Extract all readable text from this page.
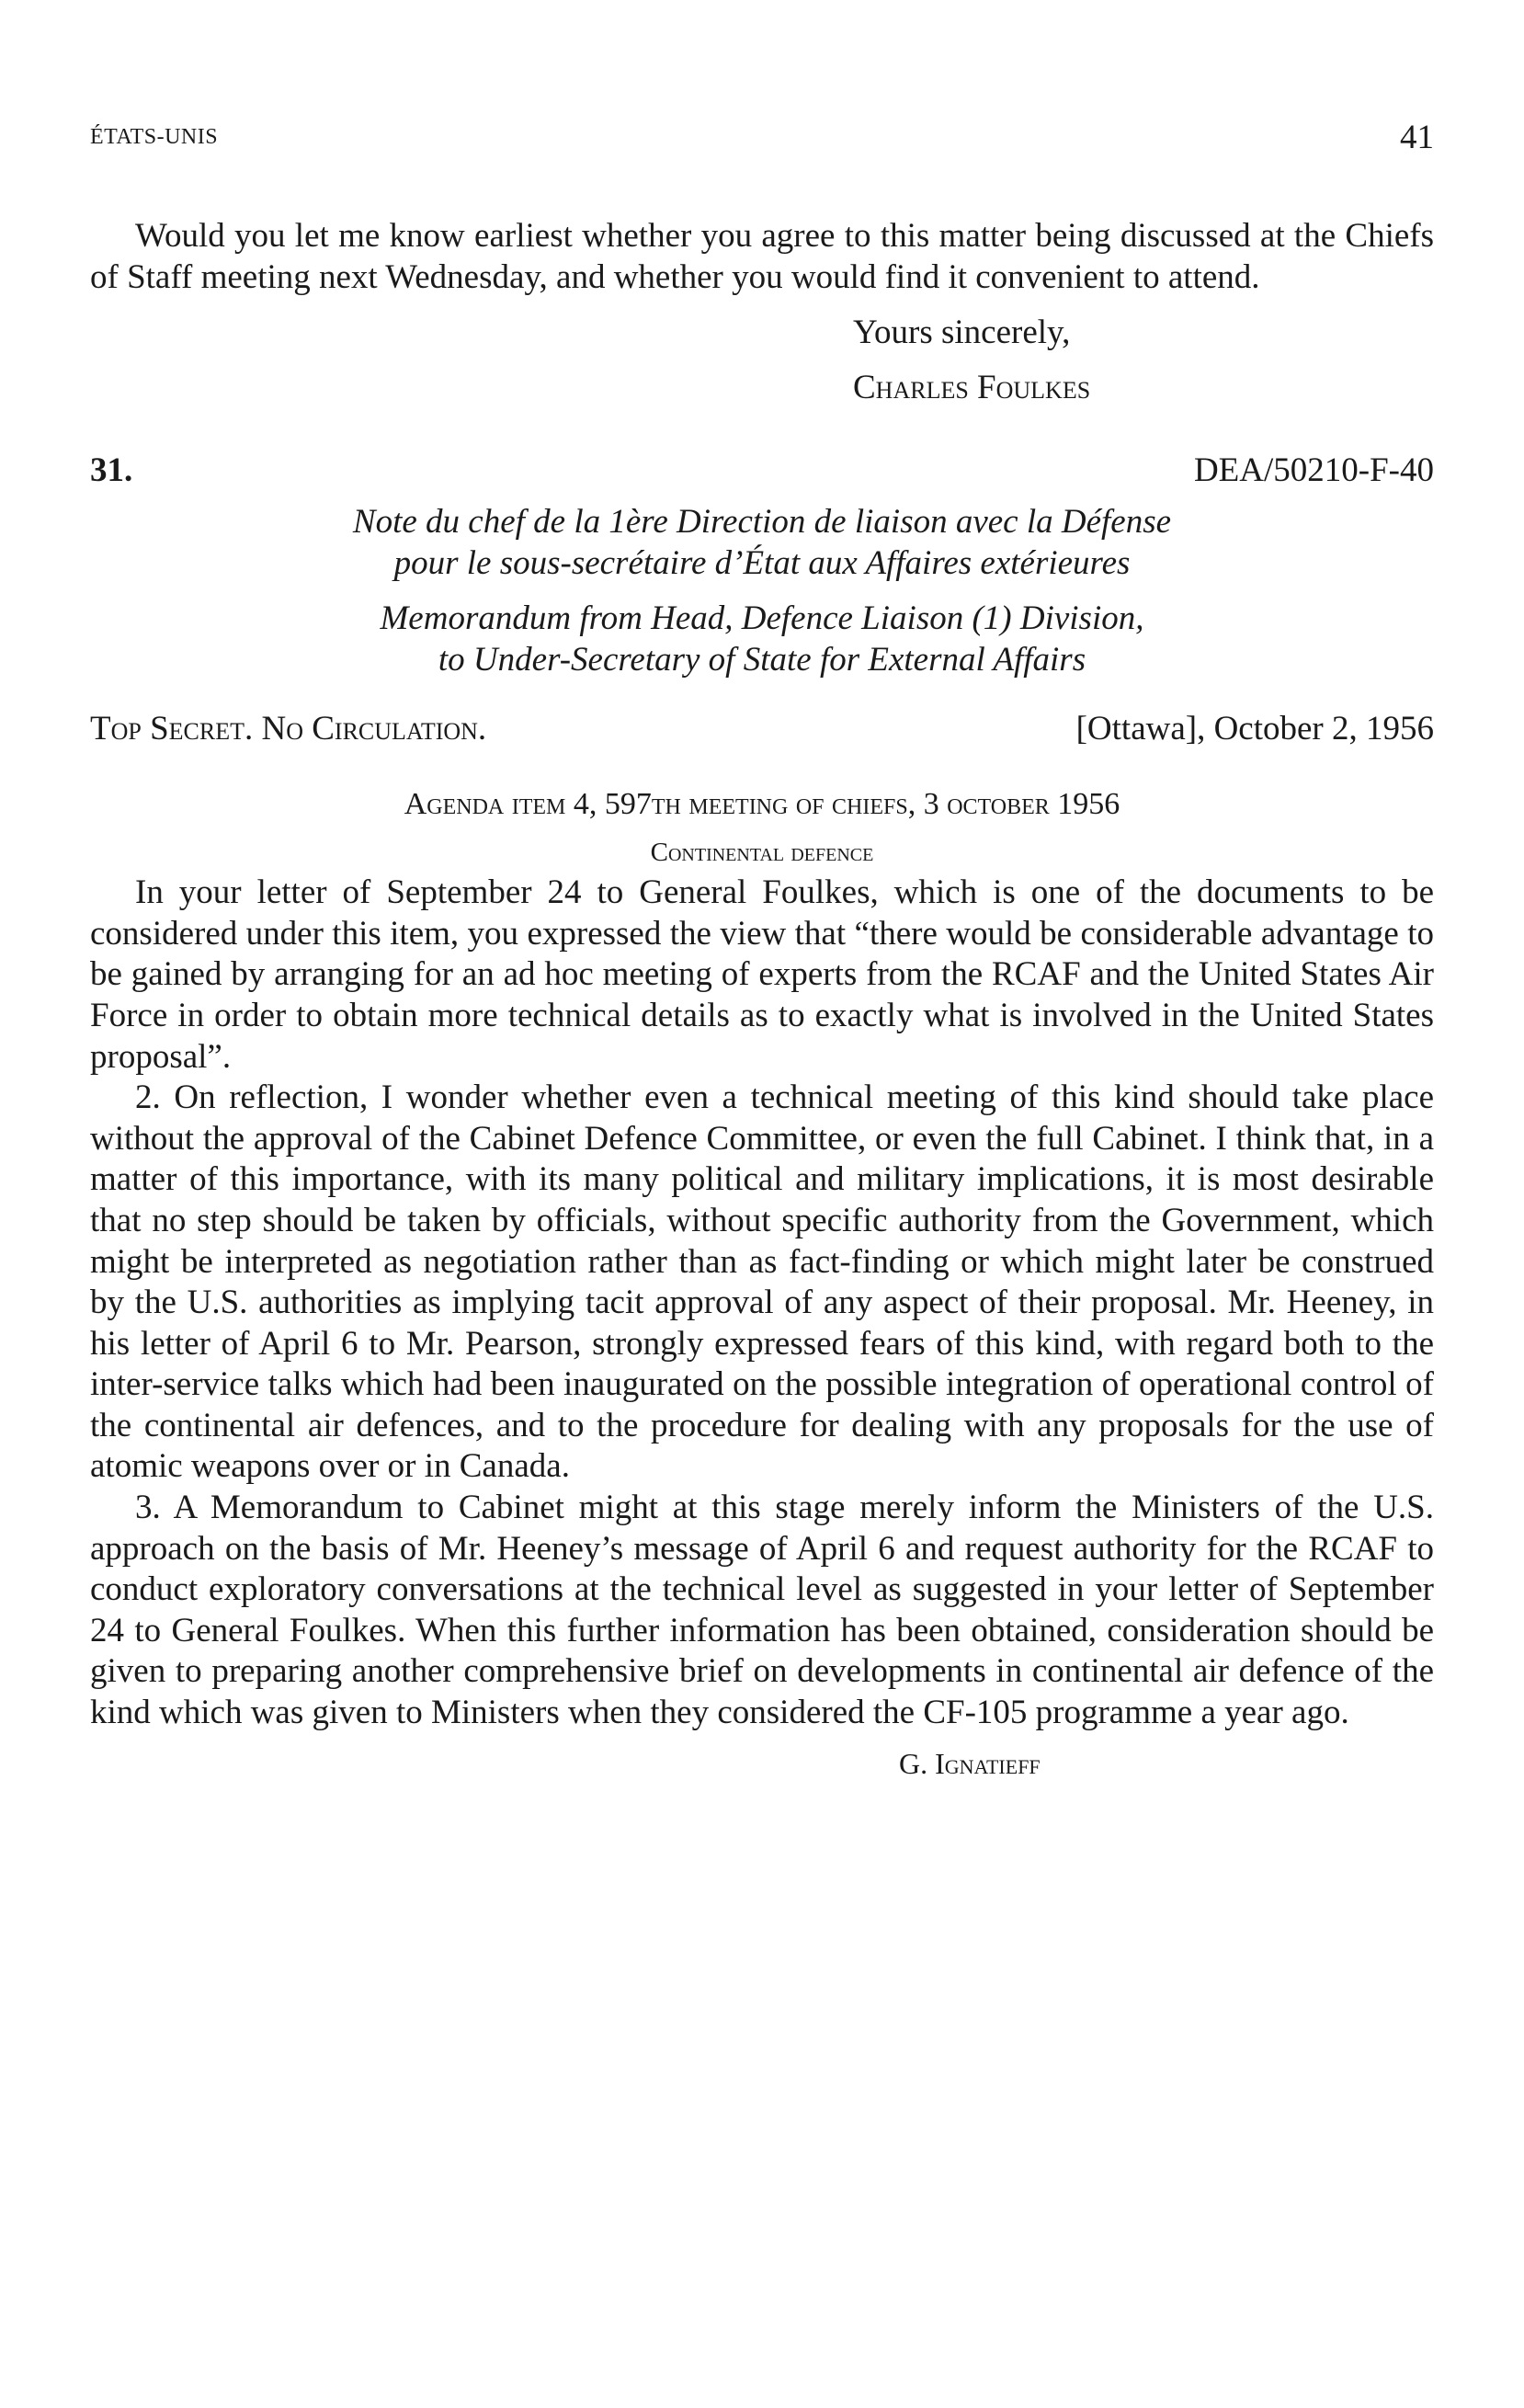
ÉTATS-UNIS	41

Would you let me know earliest whether you agree to this matter being discussed at the Chiefs of Staff meeting next Wednesday, and whether you would find it convenient to attend.

Yours sincerely,
Charles Foulkes
31.	DEA/50210-F-40

Note du chef de la 1ère Direction de liaison avec la Défense

pour le sous-secrétaire d’État aux Affaires extérieures

Memorandum from Head, Defence Liaison (1) Division,

to Under-Secretary of State for External Affairs

Top Secret. No Circulation.	[Ottawa], October 2, 1956
Agenda item 4, 597th meeting of chiefs, 3 october 1956
Continental defence

In your letter of September 24 to General Foulkes, which is one of the documents to be considered under this item, you expressed the view that “there would be considerable advantage to be gained by arranging for an ad hoc meeting of experts from the RCAF and the United States Air Force in order to obtain more technical details as to exactly what is involved in the United States proposal”.

2. On reflection, I wonder whether even a technical meeting of this kind should take place without the approval of the Cabinet Defence Committee, or even the full Cabinet. I think that, in a matter of this importance, with its many political and military implications, it is most desirable that no step should be taken by officials, without specific authority from the Government, which might be interpreted as negotiation rather than as fact-finding or which might later be construed by the U.S. authorities as implying tacit approval of any aspect of their proposal. Mr. Heeney, in his letter of April 6 to Mr. Pearson, strongly expressed fears of this kind, with regard both to the inter-service talks which had been inaugurated on the possible integration of operational control of the continental air defences, and to the procedure for dealing with any proposals for the use of atomic weapons over or in Canada.

3. A Memorandum to Cabinet might at this stage merely inform the Ministers of the U.S. approach on the basis of Mr. Heeney’s message of April 6 and request authority for the RCAF to conduct exploratory conversations at the technical level as suggested in your letter of September 24 to General Foulkes. When this further information has been obtained, consideration should be given to preparing another comprehensive brief on developments in continental air defence of the kind which was given to Ministers when they considered the CF-105 programme a year ago.

G. Ignatieff
